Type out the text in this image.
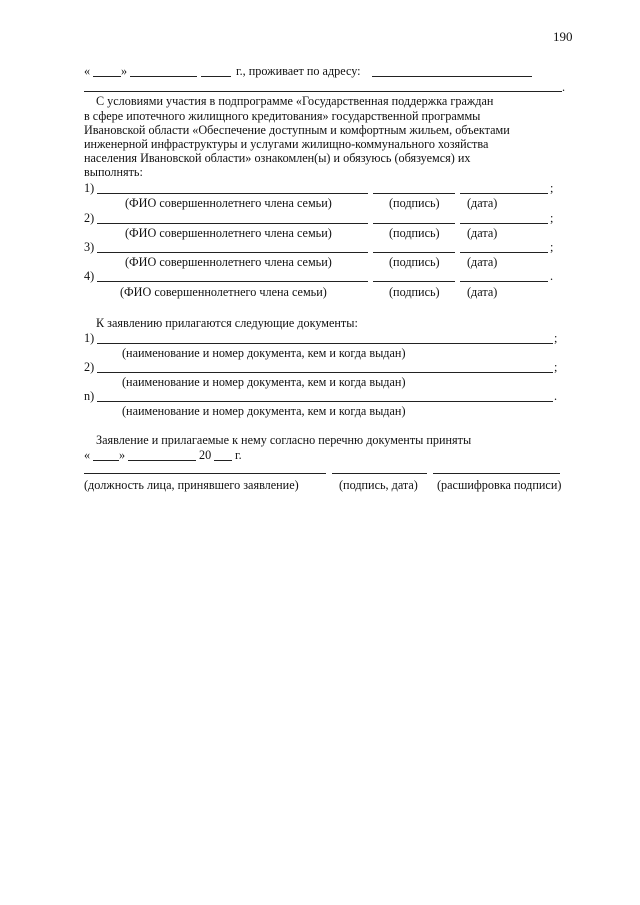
190
«	»	г., проживает по адресу:
.
С условиями участия в подпрограмме «Государственная поддержка граждан
в сфере ипотечного жилищного кредитования» государственной программы
Ивановской области «Обеспечение доступным и комфортным жильем, объектами
инженерной инфраструктуры и услугами жилищно-коммунального хозяйства
населения Ивановской области» ознакомлен(ы) и обязуюсь (обязуемся) их
выполнять:
1)	;
(ФИО совершеннолетнего члена семьи)	(подпись) (дата)
2)	;
(ФИО совершеннолетнего члена семьи)	(подпись) (дата)
3)	;
(ФИО совершеннолетнего члена семьи)	(подпись) (дата)
4)	.
(ФИО совершеннолетнего члена семьи)	(подпись) (дата)
К заявлению прилагаются следующие документы:
1)	;
(наименование и номер документа, кем и когда выдан)
2)	;
(наименование и номер документа, кем и когда выдан)
n)	.
(наименование и номер документа, кем и когда выдан)
Заявление и прилагаемые к нему согласно перечню документы приняты
« »	20 г.
(должность лица, принявшего заявление)	(подпись, дата) (расшифровка подписи)
